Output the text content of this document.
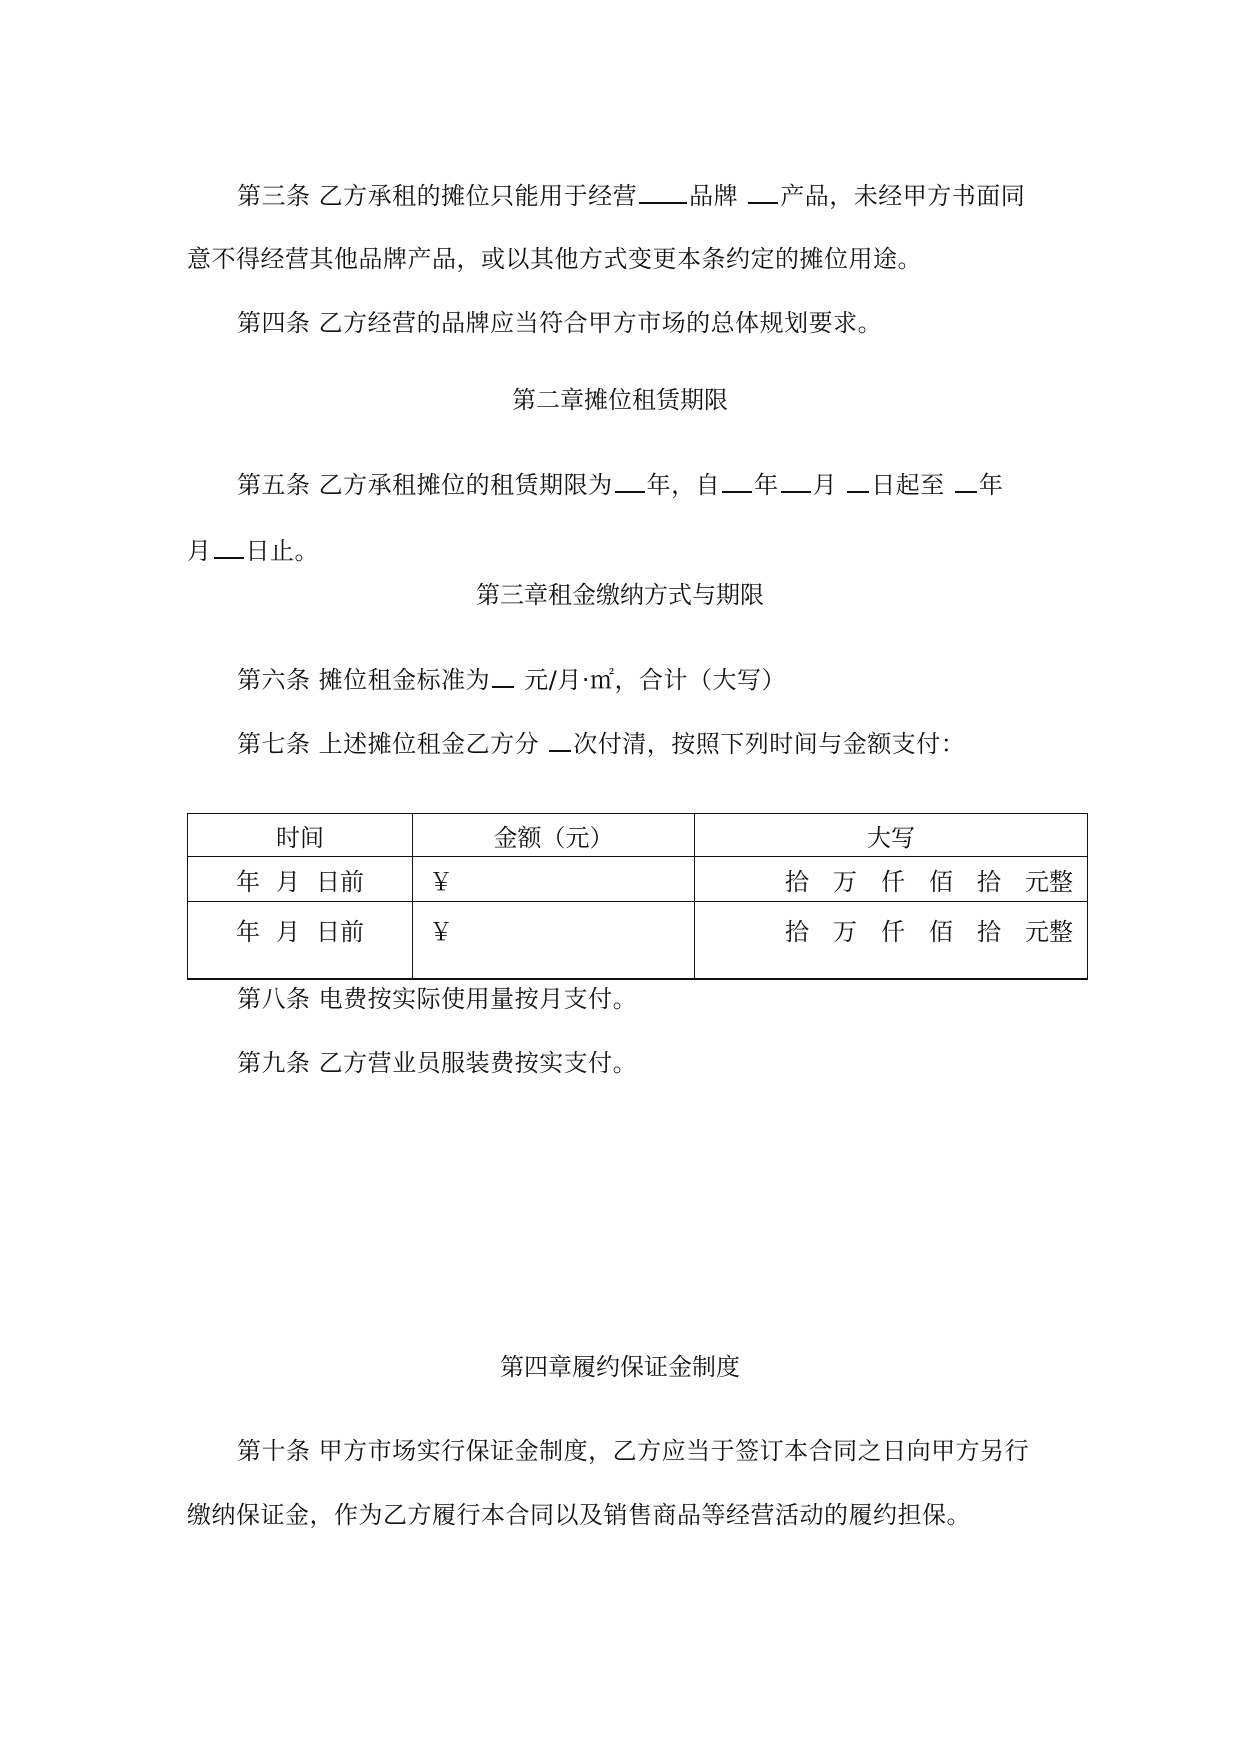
第三条 乙方承租的摊位只能用于经营 品牌 产品，未经甲方书面同
意不得经营其他品牌产品，或以其他方式变更本条约定的摊位用途。
第四条 乙方经营的品牌应当符合甲方市场的总体规划要求。
第二章摊位租赁期限
第五条 乙方承租摊位的租赁期限为 年，自 年 月 日起至 年
月 日止。
第三章租金缴纳方式与期限
第六条 摊位租金标准为 元/月·㎡，合计（大写）
第七条 上述摊位租金乙方分 次付清，按照下列时间与金额支付：
时间	金额（元）	大写
年 月 日前	￥	拾 万 仟 佰 拾 元整
年 月 日前	￥	拾 万 仟 佰 拾 元整
第八条 电费按实际使用量按月支付。
第九条 乙方营业员服装费按实支付。
第四章履约保证金制度
第十条 甲方市场实行保证金制度，乙方应当于签订本合同之日向甲方另行
缴纳保证金，作为乙方履行本合同以及销售商品等经营活动的履约担保。
